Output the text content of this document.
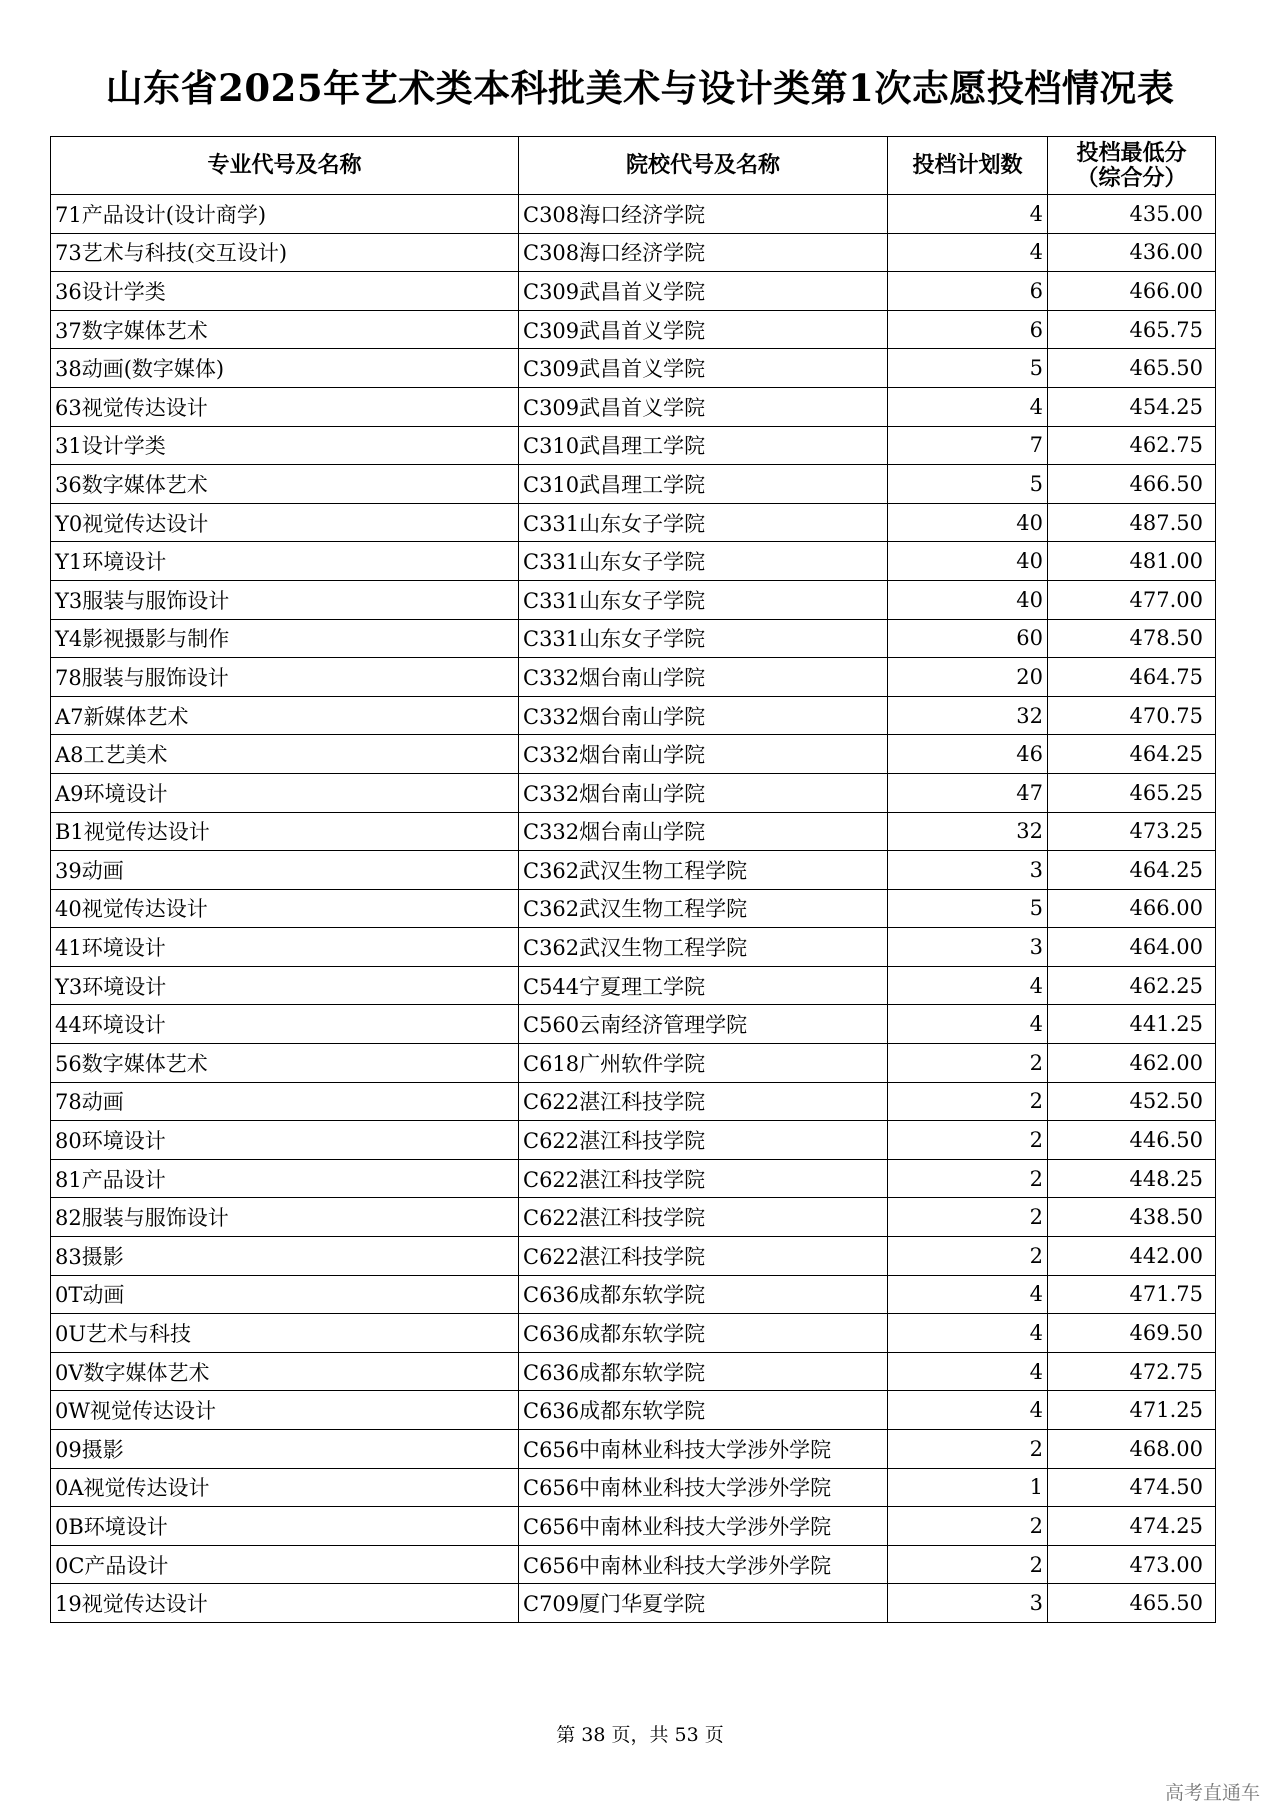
山东省2025年艺术类本科批美术与设计类第1次志愿投档情况表
专业代号及名称	院校代号及名称	投档计划数	投档最低分
（综合分）

71产品设计(设计商学)	C308海口经济学院	4	435.00
73艺术与科技(交互设计)	C308海口经济学院	4	436.00
36设计学类	C309武昌首义学院	6	466.00
37数字媒体艺术	C309武昌首义学院	6	465.75
38动画(数字媒体)	C309武昌首义学院	5	465.50
63视觉传达设计	C309武昌首义学院	4	454.25
31设计学类	C310武昌理工学院	7	462.75
36数字媒体艺术	C310武昌理工学院	5	466.50
Y0视觉传达设计	C331山东女子学院	40	487.50
Y1环境设计	C331山东女子学院	40	481.00
Y3服装与服饰设计	C331山东女子学院	40	477.00
Y4影视摄影与制作	C331山东女子学院	60	478.50
78服装与服饰设计	C332烟台南山学院	20	464.75
A7新媒体艺术	C332烟台南山学院	32	470.75
A8工艺美术	C332烟台南山学院	46	464.25
A9环境设计	C332烟台南山学院	47	465.25
B1视觉传达设计	C332烟台南山学院	32	473.25
39动画	C362武汉生物工程学院	3	464.25
40视觉传达设计	C362武汉生物工程学院	5	466.00
41环境设计	C362武汉生物工程学院	3	464.00
Y3环境设计	C544宁夏理工学院	4	462.25
44环境设计	C560云南经济管理学院	4	441.25
56数字媒体艺术	C618广州软件学院	2	462.00
78动画	C622湛江科技学院	2	452.50
80环境设计	C622湛江科技学院	2	446.50
81产品设计	C622湛江科技学院	2	448.25
82服装与服饰设计	C622湛江科技学院	2	438.50
83摄影	C622湛江科技学院	2	442.00
0T动画	C636成都东软学院	4	471.75
0U艺术与科技	C636成都东软学院	4	469.50
0V数字媒体艺术	C636成都东软学院	4	472.75
0W视觉传达设计	C636成都东软学院	4	471.25
09摄影	C656中南林业科技大学涉外学院	2	468.00
0A视觉传达设计	C656中南林业科技大学涉外学院	1	474.50
0B环境设计	C656中南林业科技大学涉外学院	2	474.25
0C产品设计	C656中南林业科技大学涉外学院	2	473.00
19视觉传达设计	C709厦门华夏学院	3	465.50
第 38 页，共 53 页
高考直通车
